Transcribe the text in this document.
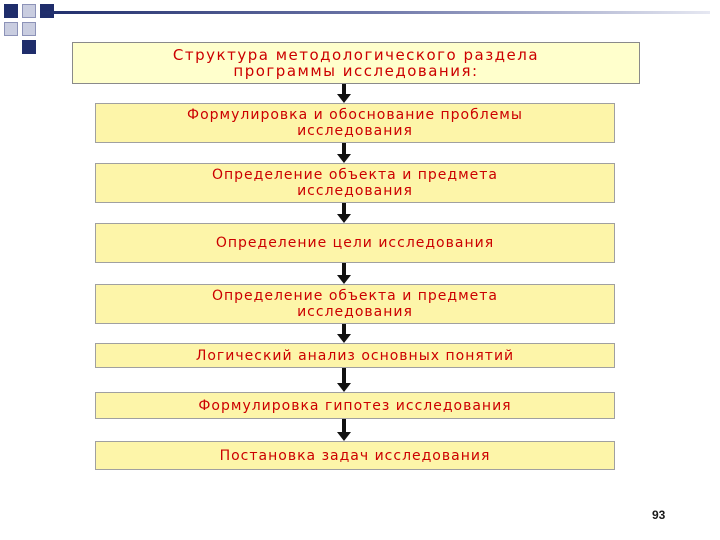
Структура методологического раздела
программы исследования:
Формулировка и обоснование проблемы
исследования
Определение объекта и предмета
исследования
Определение цели исследования
Определение объекта и предмета
исследования
Логический анализ основных понятий
Формулировка гипотез исследования
Постановка задач исследования
93
